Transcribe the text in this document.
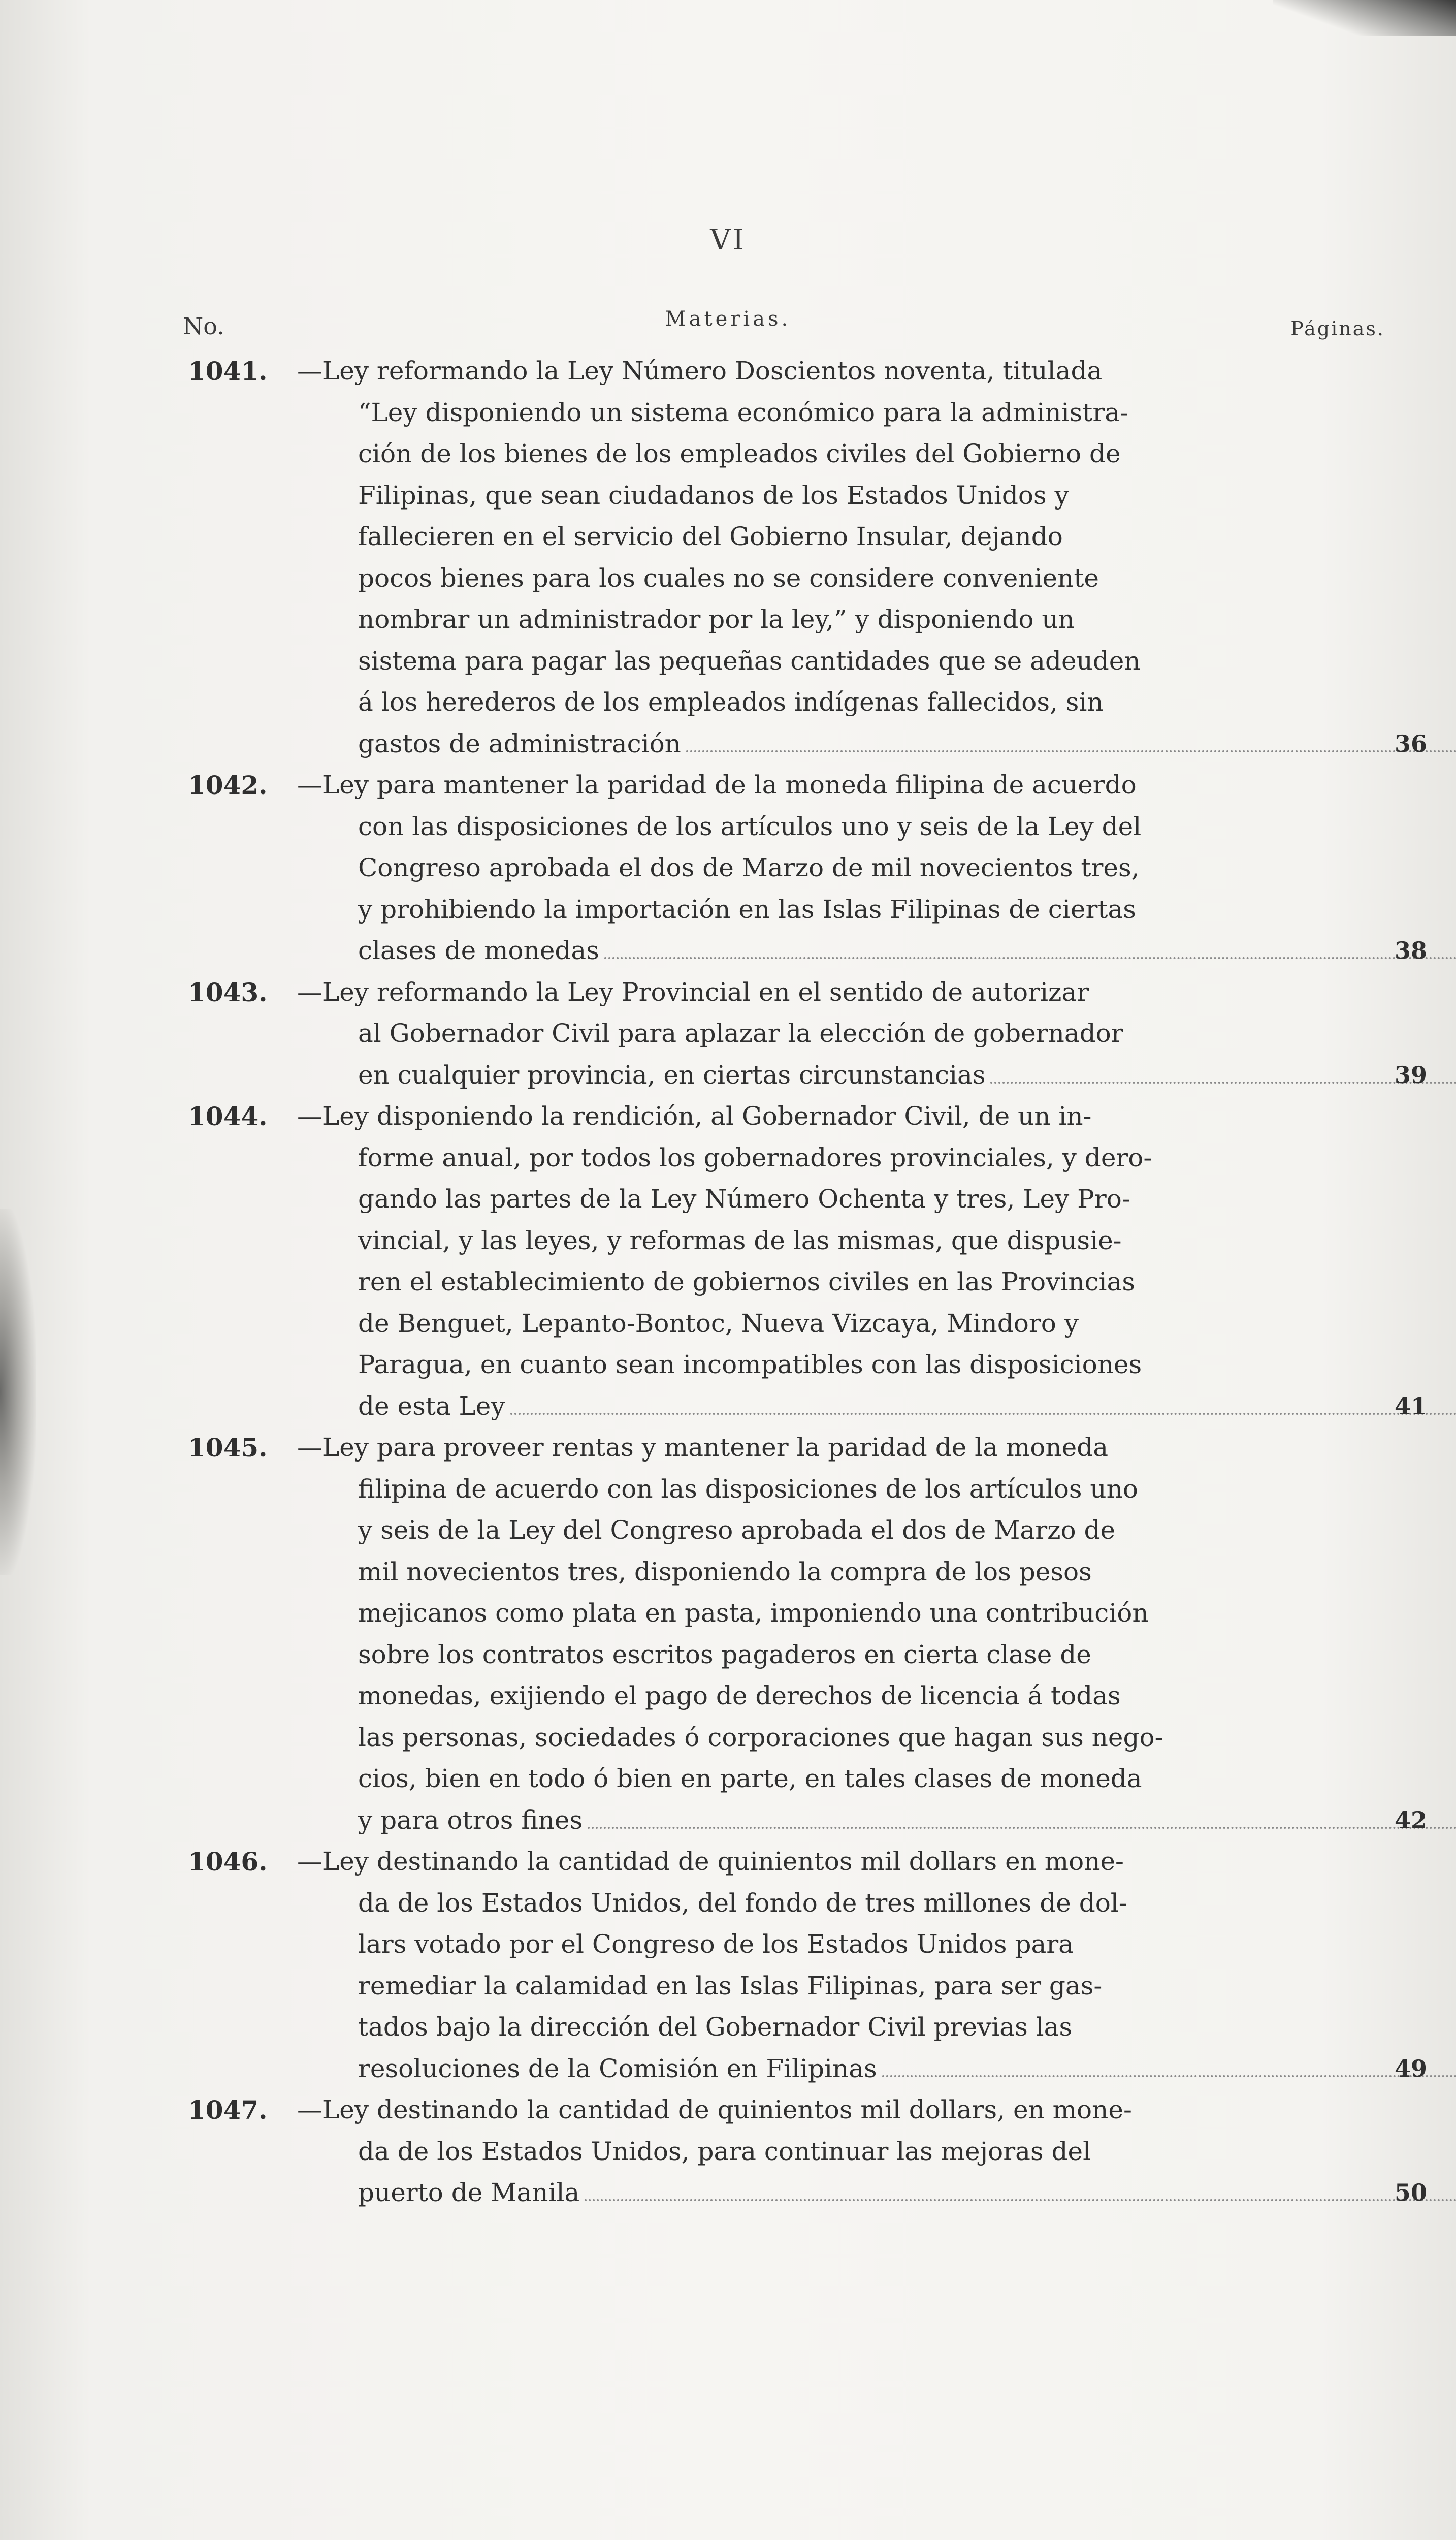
VI
No.	Materias.	Páginas.
1041. —Ley reformando la Ley Número Doscientos noventa, titulada
“Ley disponiendo un sistema económico para la administra-
ción de los bienes de los empleados civiles del Gobierno de
Filipinas, que sean ciudadanos de los Estados Unidos y
fallecieren en el servicio del Gobierno Insular, dejando
pocos bienes para los cuales no se considere conveniente
nombrar un administrador por la ley,” y disponiendo un
sistema para pagar las pequeñas cantidades que se adeuden
á los herederos de los empleados indígenas fallecidos, sin
gastos de administración	36
1042. —Ley para mantener la paridad de la moneda filipina de acuerdo
con las disposiciones de los artículos uno y seis de la Ley del
Congreso aprobada el dos de Marzo de mil novecientos tres,
y prohibiendo la importación en las Islas Filipinas de ciertas
clases de monedas	38
1043. —Ley reformando la Ley Provincial en el sentido de autorizar
al Gobernador Civil para aplazar la elección de gobernador
en cualquier provincia, en ciertas circunstancias	39
1044. —Ley disponiendo la rendición, al Gobernador Civil, de un in-
forme anual, por todos los gobernadores provinciales, y dero-
gando las partes de la Ley Número Ochenta y tres, Ley Pro-
vincial, y las leyes, y reformas de las mismas, que dispusie-
ren el establecimiento de gobiernos civiles en las Provincias
de Benguet, Lepanto-Bontoc, Nueva Vizcaya, Mindoro y
Paragua, en cuanto sean incompatibles con las disposiciones
de esta Ley	41
1045. —Ley para proveer rentas y mantener la paridad de la moneda
filipina de acuerdo con las disposiciones de los artículos uno
y seis de la Ley del Congreso aprobada el dos de Marzo de
mil novecientos tres, disponiendo la compra de los pesos
mejicanos como plata en pasta, imponiendo una contribución
sobre los contratos escritos pagaderos en cierta clase de
monedas, exijiendo el pago de derechos de licencia á todas
las personas, sociedades ó corporaciones que hagan sus nego-
cios, bien en todo ó bien en parte, en tales clases de moneda
y para otros fines	42
1046. —Ley destinando la cantidad de quinientos mil dollars en mone-
da de los Estados Unidos, del fondo de tres millones de dol-
lars votado por el Congreso de los Estados Unidos para
remediar la calamidad en las Islas Filipinas, para ser gas-
tados bajo la dirección del Gobernador Civil previas las
resoluciones de la Comisión en Filipinas	49
1047. —Ley destinando la cantidad de quinientos mil dollars, en mone-
da de los Estados Unidos, para continuar las mejoras del
puerto de Manila	50
